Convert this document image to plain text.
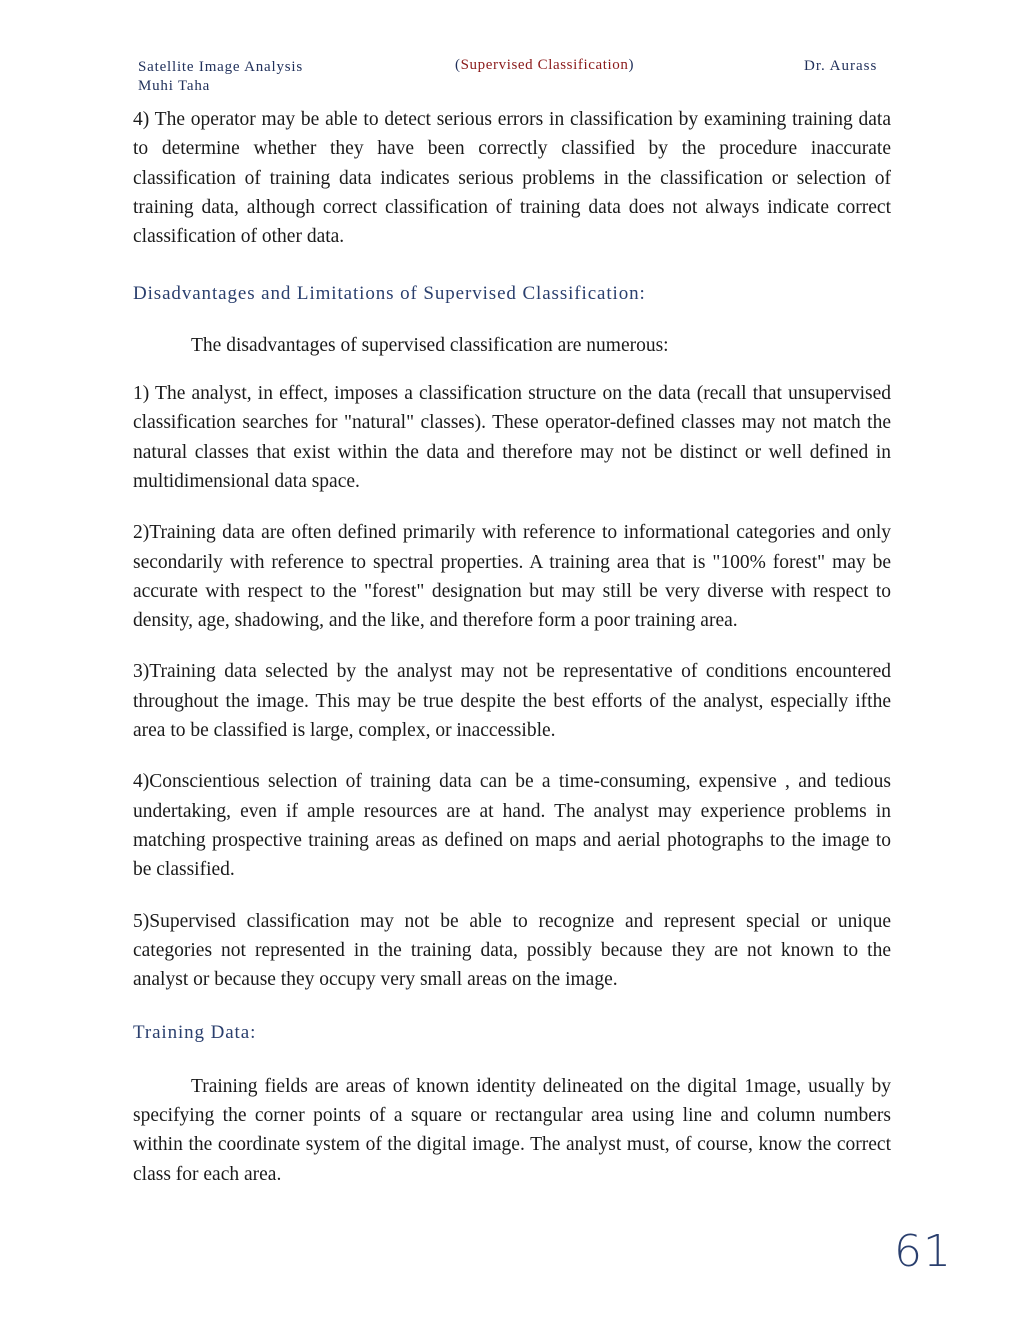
Satellite Image Analysis
Muhi Taha
(Supervised Classification)	Dr. Aurass

4) The operator may be able to detect serious errors in classification by examining training data to determine whether they have been correctly classified by the procedure inaccurate classification of training data indicates serious problems in the classification or selection of training data, although correct classification of training data does not always indicate correct classification of other data.

Disadvantages and Limitations of Supervised Classification:

The disadvantages of supervised classification are numerous:

1) The analyst, in effect, imposes a classification structure on the data (recall that unsupervised classification searches for "natural" classes). These operator-defined classes may not match the natural classes that exist within the data and therefore may not be distinct or well defined in multidimensional data space.

2)Training data are often defined primarily with reference to informational categories and only secondarily with reference to spectral properties. A training area that is "100% forest" may be accurate with respect to the "forest" designation but may still be very diverse with respect to density, age, shadowing, and the like, and therefore form a poor training area.

3)Training data selected by the analyst may not be representative of conditions encountered throughout the image. This may be true despite the best efforts of the analyst, especially ifthe area to be classified is large, complex, or inaccessible.

4)Conscientious selection of training data can be a time-consuming, expensive , and tedious undertaking, even if ample resources are at hand. The analyst may experience problems in matching prospective training areas as defined on maps and aerial photographs to the image to be classified.

5)Supervised classification may not be able to recognize and represent special or unique categories not represented in the training data, possibly because they are not known to the analyst or because they occupy very small areas on the image.

Training Data:

Training fields are areas of known identity delineated on the digital 1mage, usually by specifying the corner points of a square or rectangular area using line and column numbers within the coordinate system of the digital image. The analyst must, of course, know the correct class for each area.

61
